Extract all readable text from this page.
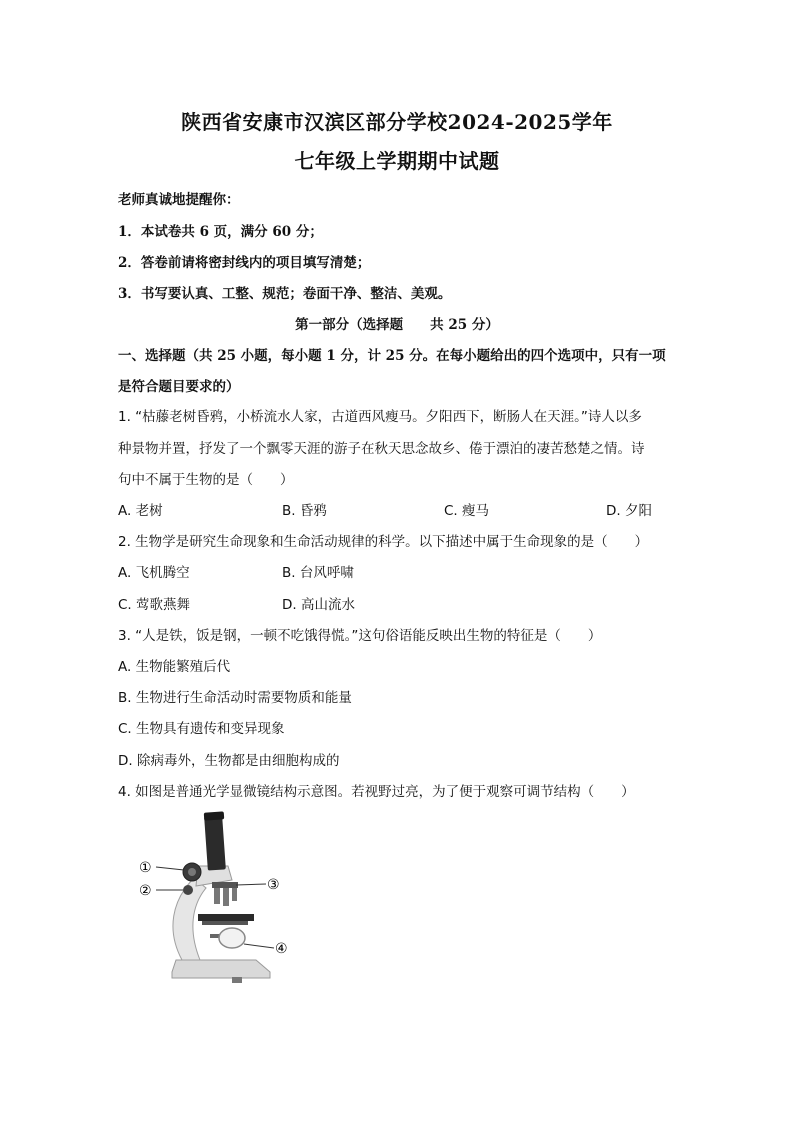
陕西省安康市汉滨区部分学校2024-2025学年
七年级上学期期中试题
老师真诚地提醒你：
1．本试卷共 6 页，满分 60 分；
2．答卷前请将密封线内的项目填写清楚；
3．书写要认真、工整、规范；卷面干净、整洁、美观。
第一部分（选择题　　共 25 分）
一、选择题（共 25 小题，每小题 1 分，计 25 分。在每小题给出的四个选项中，只有一项
是符合题目要求的）
1. “枯藤老树昏鸦，小桥流水人家，古道西风瘦马。夕阳西下，断肠人在天涯。”诗人以多
种景物并置，抒发了一个飘零天涯的游子在秋天思念故乡、倦于漂泊的凄苦愁楚之情。诗
句中不属于生物的是（　　）
A. 老树	B. 昏鸦	C. 瘦马	D. 夕阳
2. 生物学是研究生命现象和生命活动规律的科学。以下描述中属于生命现象的是（　　）
A. 飞机腾空	B. 台风呼啸
C. 莺歌燕舞	D. 高山流水
3. “人是铁，饭是钢，一顿不吃饿得慌。”这句俗语能反映出生物的特征是（　　）
A. 生物能繁殖后代
B. 生物进行生命活动时需要物质和能量
C. 生物具有遗传和变异现象
D. 除病毒外，生物都是由细胞构成的
4. 如图是普通光学显微镜结构示意图。若视野过亮，为了便于观察可调节结构（　　）
①
②	③
④
